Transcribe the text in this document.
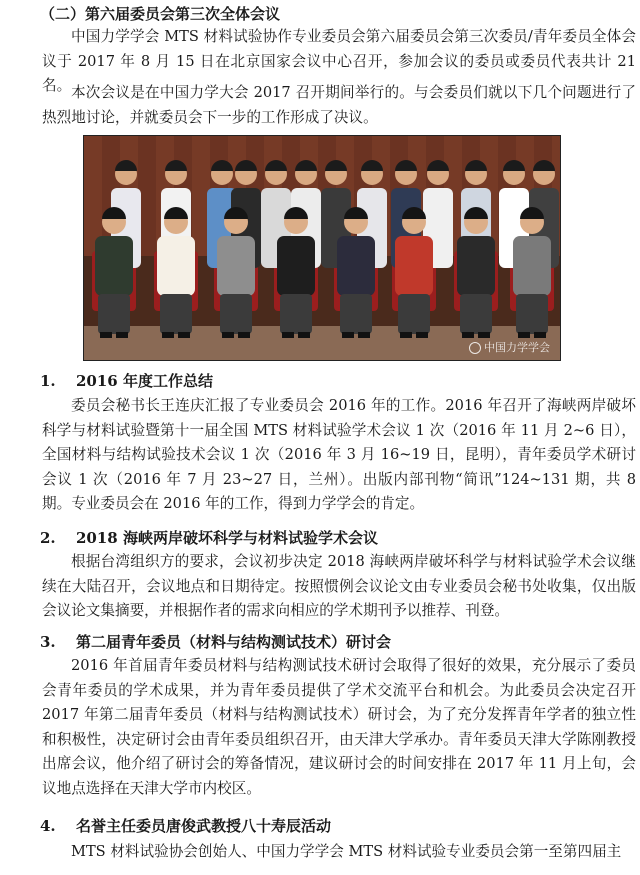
（二）第六届委员会第三次全体会议

中国力学学会 MTS 材料试验协作专业委员会第六届委员会第三次委员/青年委员全体会议于 2017 年 8 月 15 日在北京国家会议中心召开，参加会议的委员或委员代表共计 21 名。 本次会议是在中国力学大会 2017 召开期间举行的。与会委员们就以下几个问题进行了热烈地讨论，并就委员会下一步的工作形成了决议。

中国力学学会
1. 2016 年度工作总结

委员会秘书长王连庆汇报了专业委员会 2016 年的工作。2016 年召开了海峡两岸破坏科学与材料试验暨第十一届全国 MTS 材料试验学术会议 1 次（2016 年 11 月 2~6 日），全国材料与结构试验技术会议 1 次（2016 年 3 月 16~19 日，昆明），青年委员学术研讨会议 1 次（2016 年 7 月 23~27 日，兰州）。出版内部刊物“简讯”124~131 期，共 8 期。专业委员会在 2016 年的工作，得到力学学会的肯定。

2. 2018 海峡两岸破坏科学与材料试验学术会议

根据台湾组织方的要求，会议初步决定 2018 海峡两岸破坏科学与材料试验学术会议继续在大陆召开，会议地点和日期待定。按照惯例会议论文由专业委员会秘书处收集，仅出版会议论文集摘要，并根据作者的需求向相应的学术期刊予以推荐、刊登。

3. 第二届青年委员（材料与结构测试技术）研讨会

2016 年首届青年委员材料与结构测试技术研讨会取得了很好的效果，充分展示了委员会青年委员的学术成果，并为青年委员提供了学术交流平台和机会。为此委员会决定召开 2017 年第二届青年委员（材料与结构测试技术）研讨会，为了充分发挥青年学者的独立性和积极性，决定研讨会由青年委员组织召开，由天津大学承办。青年委员天津大学陈刚教授出席会议，他介绍了研讨会的筹备情况，建议研讨会的时间安排在 2017 年 11 月上旬，会议地点选择在天津大学市内校区。

4. 名誉主任委员唐俊武教授八十寿辰活动

MTS 材料试验协会创始人、中国力学学会 MTS 材料试验专业委员会第一至第四届主
